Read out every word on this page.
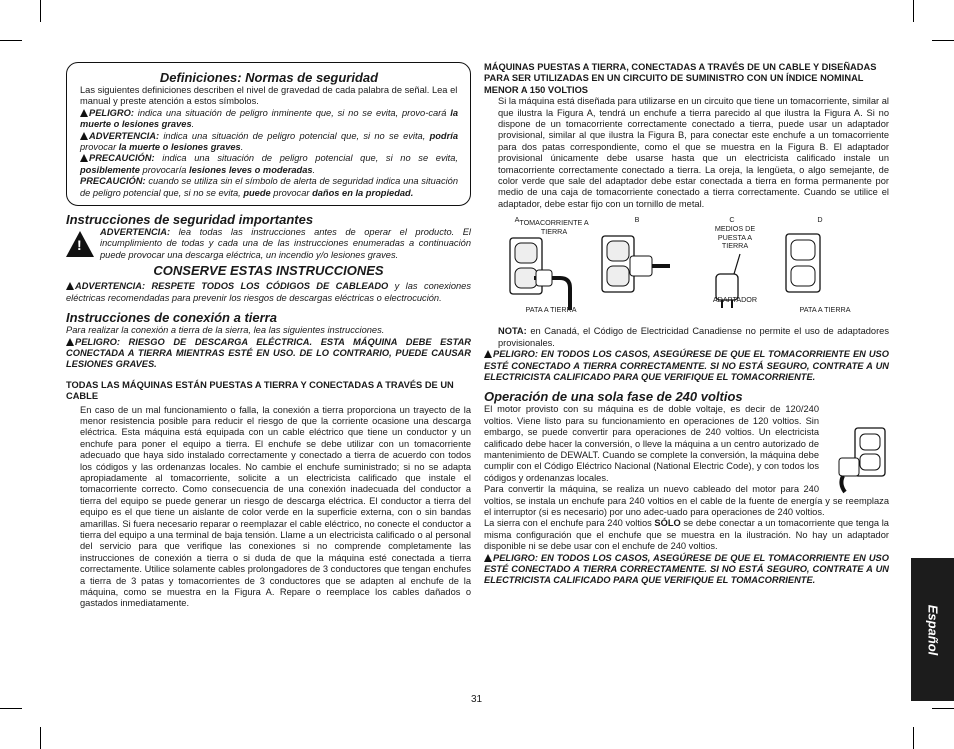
Definiciones: Normas de seguridad

Las siguientes definiciones describen el nivel de gravedad de cada palabra de señal. Lea el manual y preste atención a estos símbolos.

PELIGRO: indica una situación de peligro inminente que, si no se evita, provo-cará la muerte o lesiones graves.

ADVERTENCIA: indica una situación de peligro potencial que, si no se evita, podría provocar la muerte o lesiones graves.

PRECAUCIÓN: indica una situación de peligro potencial que, si no se evita, posiblemente provocaría lesiones leves o moderadas.

PRECAUCIÓN: cuando se utiliza sin el símbolo de alerta de seguridad indica una situación de peligro potencial que, si no se evita, puede provocar daños en la propiedad.

Instrucciones de seguridad importantes
!

ADVERTENCIA: lea todas las instrucciones antes de operar el producto. El incumplimiento de todas y cada una de las instrucciones enumeradas a continuación puede provocar una descarga eléctrica, un incendio y/o lesiones graves.

CONSERVE ESTAS INSTRUCCIONES

ADVERTENCIA: RESPETE TODOS LOS CÓDIGOS DE CABLEADO y las conexiones eléctricas recomendadas para prevenir los riesgos de descargas eléctricas o electrocución.

Instrucciones de conexión a tierra

Para realizar la conexión a tierra de la sierra, lea las siguientes instrucciones.

PELIGRO: RIESGO DE DESCARGA ELÉCTRICA. ESTA MÁQUINA DEBE ESTAR CONECTADA A TIERRA MIENTRAS ESTÉ EN USO. DE LO CONTRARIO, PUEDE CAUSAR LESIONES GRAVES.

TODAS LAS MÁQUINAS ESTÁN PUESTAS A TIERRA Y CONECTADAS A TRAVÉS DE UN CABLE

En caso de un mal funcionamiento o falla, la conexión a tierra proporciona un trayecto de la menor resistencia posible para reducir el riesgo de que la corriente ocasione una descarga eléctrica. Esta máquina está equipada con un cable eléctrico que tiene un conductor y un enchufe para poner el equipo a tierra. El enchufe se debe utilizar con un tomacorriente adecuado que haya sido instalado correctamente y conectado a tierra de acuerdo con todos los códigos y las ordenanzas locales. No cambie el enchufe suministrado; si no se adapta apropiadamente al tomacorriente, solicite a un electricista calificado que instale el tomacorriente correcto. Como consecuencia de una conexión inadecuada del conductor a tierra del equipo se puede generar un riesgo de descarga eléctrica. El conductor a tierra del equipo es el que tiene un aislante de color verde en la superficie externa, con o sin bandas amarillas. Si fuera necesario reparar o reemplazar el cable eléctrico, no conecte el conductor a tierra del equipo a una terminal de baja tensión. Llame a un electricista calificado o al personal del servicio para que verifique las conexiones si no comprende completamente las instrucciones de conexión a tierra o si duda de que la máquina esté conectada a tierra correctamente. Utilice solamente cables prolongadores de 3 conductores que tengan enchufes a tierra de 3 patas y tomacorrientes de 3 conductores que se adapten al enchufe de la máquina, como se muestra en la Figura A. Repare o reemplace los cables dañados o gastados inmediatamente.

MÁQUINAS PUESTAS A TIERRA, CONECTADAS A TRAVÉS DE UN CABLE Y DISEÑADAS PARA SER UTILIZADAS EN UN CIRCUITO DE SUMINISTRO CON UN ÍNDICE NOMINAL MENOR A 150 VOLTIOS

Si la máquina está diseñada para utilizarse en un circuito que tiene un tomacorriente, similar al que ilustra la Figura A, tendrá un enchufe a tierra parecido al que ilustra la Figura A. Si no dispone de un tomacorriente correctamente conectado a tierra, puede usar un adaptador provisional, similar al que ilustra la Figura B, para conectar este enchufe a un tomacorriente para dos patas correspondiente, como el que se muestra en la Figura B. El adaptador provisional únicamente debe usarse hasta que un electricista calificado instale un tomacorriente correctamente conectado a tierra. La oreja, la lengüeta, o algo semejante, de color verde que sale del adaptador debe estar conectada a tierra en forma permanente por medio de una caja de tomacorriente conectado a tierra correctamente. Cuando se utilice el adaptador, debe estar fijo con un tornillo de metal.

A TOMACORRIENTE A TIERRA
B	C
MEDIOS DE PUESTA A TIERRA
D
PATA A TIERRA
ADAPTADOR
PATA A TIERRA

NOTA: en Canadá, el Código de Electricidad Canadiense no permite el uso de adaptadores provisionales.

PELIGRO: EN TODOS LOS CASOS, ASEGÚRESE DE QUE EL TOMACORRIENTE EN USO ESTÉ CONECTADO A TIERRA CORRECTAMENTE. SI NO ESTÁ SEGURO, CONTRATE A UN ELECTRICISTA CALIFICADO PARA QUE VERIFIQUE EL TOMACORRIENTE.

Operación de una sola fase de 240 voltios

El motor provisto con su máquina es de doble voltaje, es decir de 120/240 voltios. Viene listo para su funcionamiento en operaciones de 120 voltios. Sin embargo, se puede convertir para operaciones de 240 voltios. Un electricista calificado debe hacer la conversión, o lleve la máquina a un centro autorizado de mantenimiento de DEWALT. Cuando se complete la conversión, la máquina debe cumplir con el Código Eléctrico Nacional (National Electric Code), y con todos los códigos y ordenanzas locales.

Para convertir la máquina, se realiza un nuevo cableado del motor para 240 voltios, se instala un enchufe para 240 voltios en el cable de la fuente de energía y se reemplaza el interruptor (si es necesario) por uno adec-uado para operaciones de 240 voltios.

La sierra con el enchufe para 240 voltios SÓLO se debe conectar a un tomacorriente que tenga la misma configuración que el enchufe que se muestra en la ilustración. No hay un adaptador disponible ni se debe usar con el enchufe de 240 voltios.

PELIGRO: EN TODOS LOS CASOS, ASEGÚRESE DE QUE EL TOMACORRIENTE EN USO ESTÉ CONECTADO A TIERRA CORRECTAMENTE. SI NO ESTÁ SEGURO, CONTRATE A UN ELECTRICISTA CALIFICADO PARA QUE VERIFIQUE EL TOMACORRIENTE.

Español
31
